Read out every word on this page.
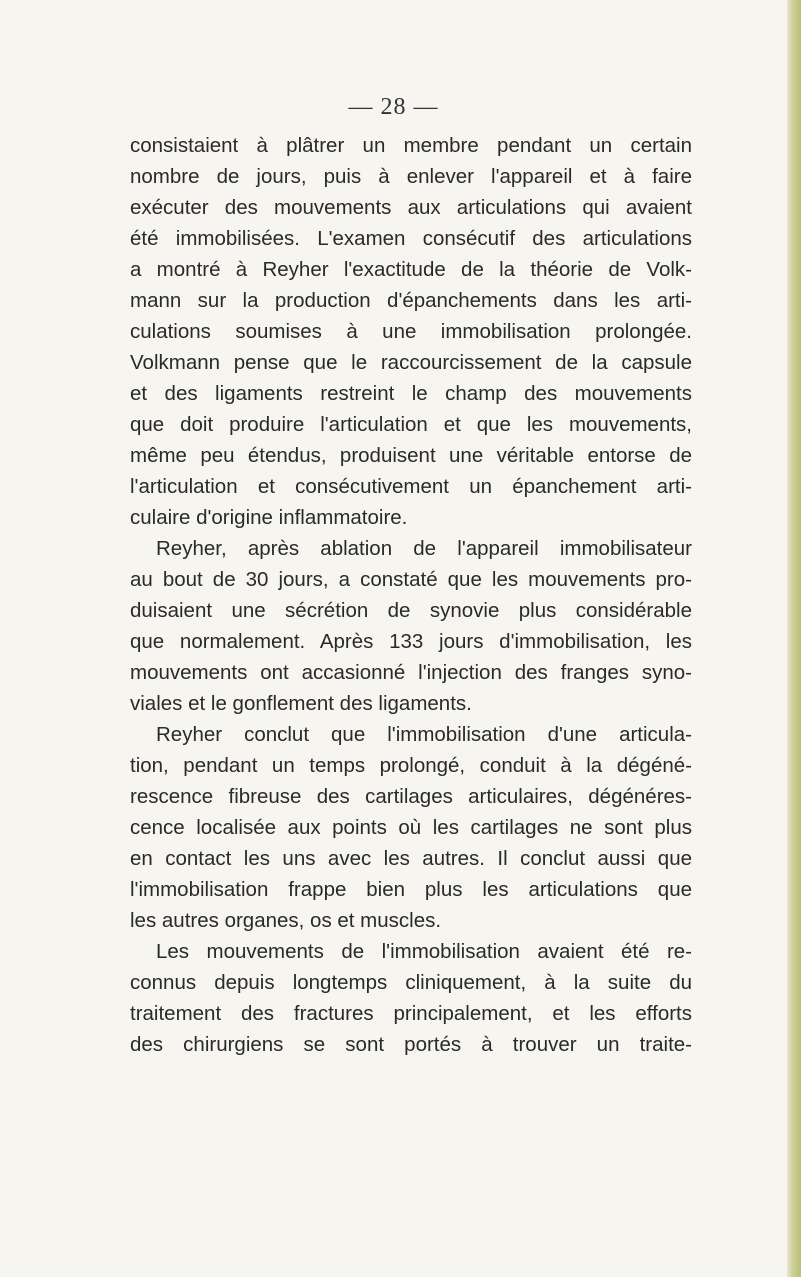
— 28 —
consistaient à plâtrer un membre pendant un certain
nombre de jours, puis à enlever l'appareil et à faire
exécuter des mouvements aux articulations qui avaient
été immobilisées. L'examen consécutif des articulations
a montré à Reyher l'exactitude de la théorie de Volk-
mann sur la production d'épanchements dans les arti-
culations soumises à une immobilisation prolongée.
Volkmann pense que le raccourcissement de la capsule
et des ligaments restreint le champ des mouvements
que doit produire l'articulation et que les mouvements,
même peu étendus, produisent une véritable entorse de
l'articulation et consécutivement un épanchement arti-
culaire d'origine inflammatoire.
Reyher, après ablation de l'appareil immobilisateur
au bout de 30 jours, a constaté que les mouvements pro-
duisaient une sécrétion de synovie plus considérable
que normalement. Après 133 jours d'immobilisation, les
mouvements ont accasionné l'injection des franges syno-
viales et le gonflement des ligaments.
Reyher conclut que l'immobilisation d'une articula-
tion, pendant un temps prolongé, conduit à la dégéné-
rescence fibreuse des cartilages articulaires, dégénéres-
cence localisée aux points où les cartilages ne sont plus
en contact les uns avec les autres. Il conclut aussi que
l'immobilisation frappe bien plus les articulations que
les autres organes, os et muscles.
Les mouvements de l'immobilisation avaient été re-
connus depuis longtemps cliniquement, à la suite du
traitement des fractures principalement, et les efforts
des chirurgiens se sont portés à trouver un traite-
